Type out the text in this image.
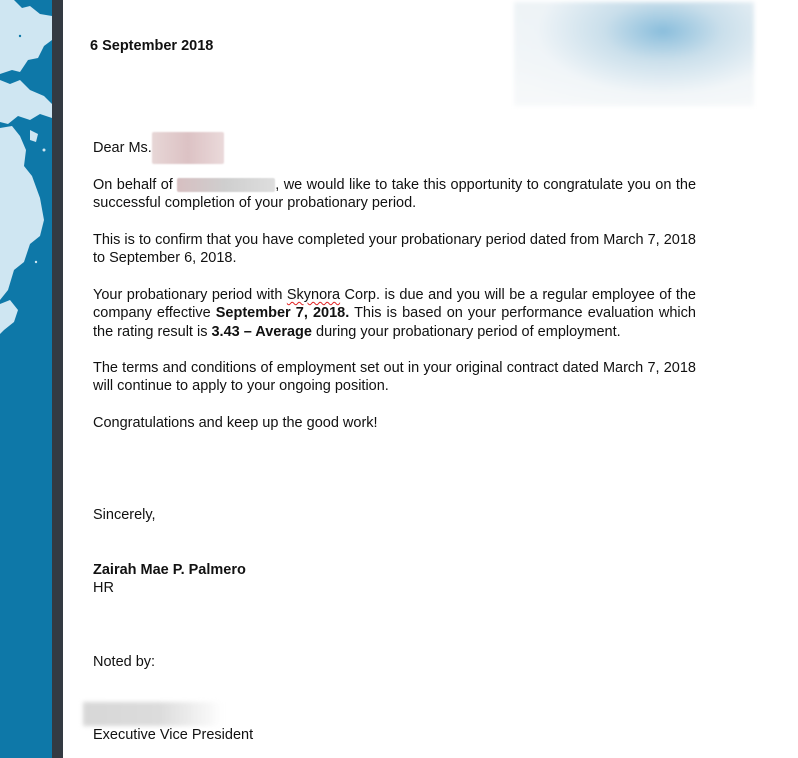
6 September 2018

Dear Ms.

On behalf of	, we would like to take this opportunity to congratulate you on the successful completion of your probationary period.

This is to confirm that you have completed your probationary period dated from March 7, 2018 to September 6, 2018.

Your probationary period with Skynora Corp. is due and you will be a regular employee of the company effective September 7, 2018. This is based on your performance evaluation which the rating result is 3.43 – Average during your probationary period of employment.

The terms and conditions of employment set out in your original contract dated March 7, 2018 will continue to apply to your ongoing position.

Congratulations and keep up the good work!

Sincerely,
Zairah Mae P. Palmero
HR
Noted by:
Executive Vice President
